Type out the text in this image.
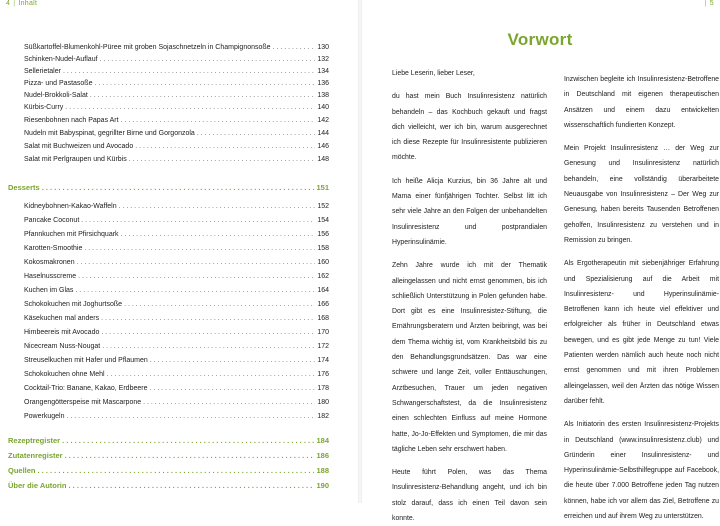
4 | Inhalt
Süßkartoffel-Blumenkohl-Püree mit groben Sojaschnetzeln in Champignonsoße . . .	130
Schinken-Nudel-Auflauf . . .	132
Sellerietaler . . .	134
Pizza- und Pastasoße . . .	136
Nudel-Brokkoli-Salat . . .	138
Kürbis-Curry . . .	140
Riesenbohnen nach Papas Art . . .	142
Nudeln mit Babyspinat, gegrillter Birne und Gorgonzola . . .	144
Salat mit Buchweizen und Avocado . . .	146
Salat mit Perlgraupen und Kürbis . . .	148
Desserts . . .	151
Kidneybohnen-Kakao-Waffeln . . .	152
Pancake Coconut . . .	154
Pfannkuchen mit Pfirsichquark . . .	156
Karotten-Smoothie . . .	158
Kokosmakronen . . .	160
Haselnusscreme . . .	162
Kuchen im Glas . . .	164
Schokokuchen mit Joghurtsoße . . .	166
Käsekuchen mal anders . . .	168
Himbeereis mit Avocado . . .	170
Nicecream Nuss-Nougat . . .	172
Streuselkuchen mit Hafer und Pflaumen . . .	174
Schokokuchen ohne Mehl . . .	176
Cocktail-Trio: Banane, Kakao, Erdbeere . . .	178
Orangengötterspeise mit Mascarpone . . .	180
Powerkugeln . . .	182
Rezeptregister . . .	184
Zutatenregister . . .	186
Quellen . . .	188
Über die Autorin . . .	190
| 5
Vorwort

Liebe Leserin, lieber Leser,

du hast mein Buch Insulinresistenz natürlich behandeln – das Kochbuch gekauft und fragst dich vielleicht, wer ich bin, warum ausgerechnet ich diese Rezepte für Insulinresistente publizieren möchte.

Ich heiße Alicja Kurzius, bin 36 Jahre alt und Mama einer fünfjährigen Tochter. Selbst litt ich sehr viele Jahre an den Folgen der unbehandelten Insulinresistenz und postprandialen Hyperinsulinämie.

Zehn Jahre wurde ich mit der Thematik alleingelassen und nicht ernst genommen, bis ich schließlich Unterstützung in Polen gefunden habe. Dort gibt es eine Insulinresistez-Stiftung, die Ernährungsberatern und Ärzten beibringt, was bei dem Thema wichtig ist, vom Krankheitsbild bis zu den Behandlungsgrundsätzen. Das war eine schwere und lange Zeit, voller Enttäuschungen, Arztbesuchen, Trauer um jeden negativen Schwangerschaftstest, da die Insulinresistenz einen schlechten Einfluss auf meine Hormone hatte, Jo-Jo-Effekten und Symptomen, die mir das tägliche Leben sehr erschwert haben.

Heute führt Polen, was das Thema Insulinresistenz-Behandlung angeht, und ich bin stolz darauf, dass ich einen Teil davon sein konnte.

Inzwischen begleite ich Insulinresistenz-Betroffene in Deutschland mit eigenen therapeutischen Ansätzen und einem dazu entwickelten wissenschaftlich fundierten Konzept.

Mein Projekt Insulinresistenz … der Weg zur Genesung und Insulinresistenz natürlich behandeln, eine vollständig überarbeitete Neuausgabe von Insulinresistenz – Der Weg zur Genesung, haben bereits Tausenden Betroffenen geholfen, Insulinresistenz zu verstehen und in Remission zu bringen.

Als Ergotherapeutin mit siebenjähriger Erfahrung und Spezialisierung auf die Arbeit mit Insulinresistenz- und Hyperinsulinämie-Betroffenen kann ich heute viel effektiver und erfolgreicher als früher in Deutschland etwas bewegen, und es gibt jede Menge zu tun! Viele Patienten werden nämlich auch heute noch nicht ernst genommen und mit ihren Problemen alleingelassen, weil den Ärzten das nötige Wissen darüber fehlt.

Als Initiatorin des ersten Insulinresistenz-Projekts in Deutschland (www.insulinresistenz.club) und Gründerin einer Insulinresistenz- und Hyperinsulinämie-Selbsthilfegruppe auf Facebook, die heute über 7.000 Betroffene jeden Tag nutzen können, habe ich vor allem das Ziel, Betroffene zu erreichen und auf ihrem Weg zu unterstützen.
